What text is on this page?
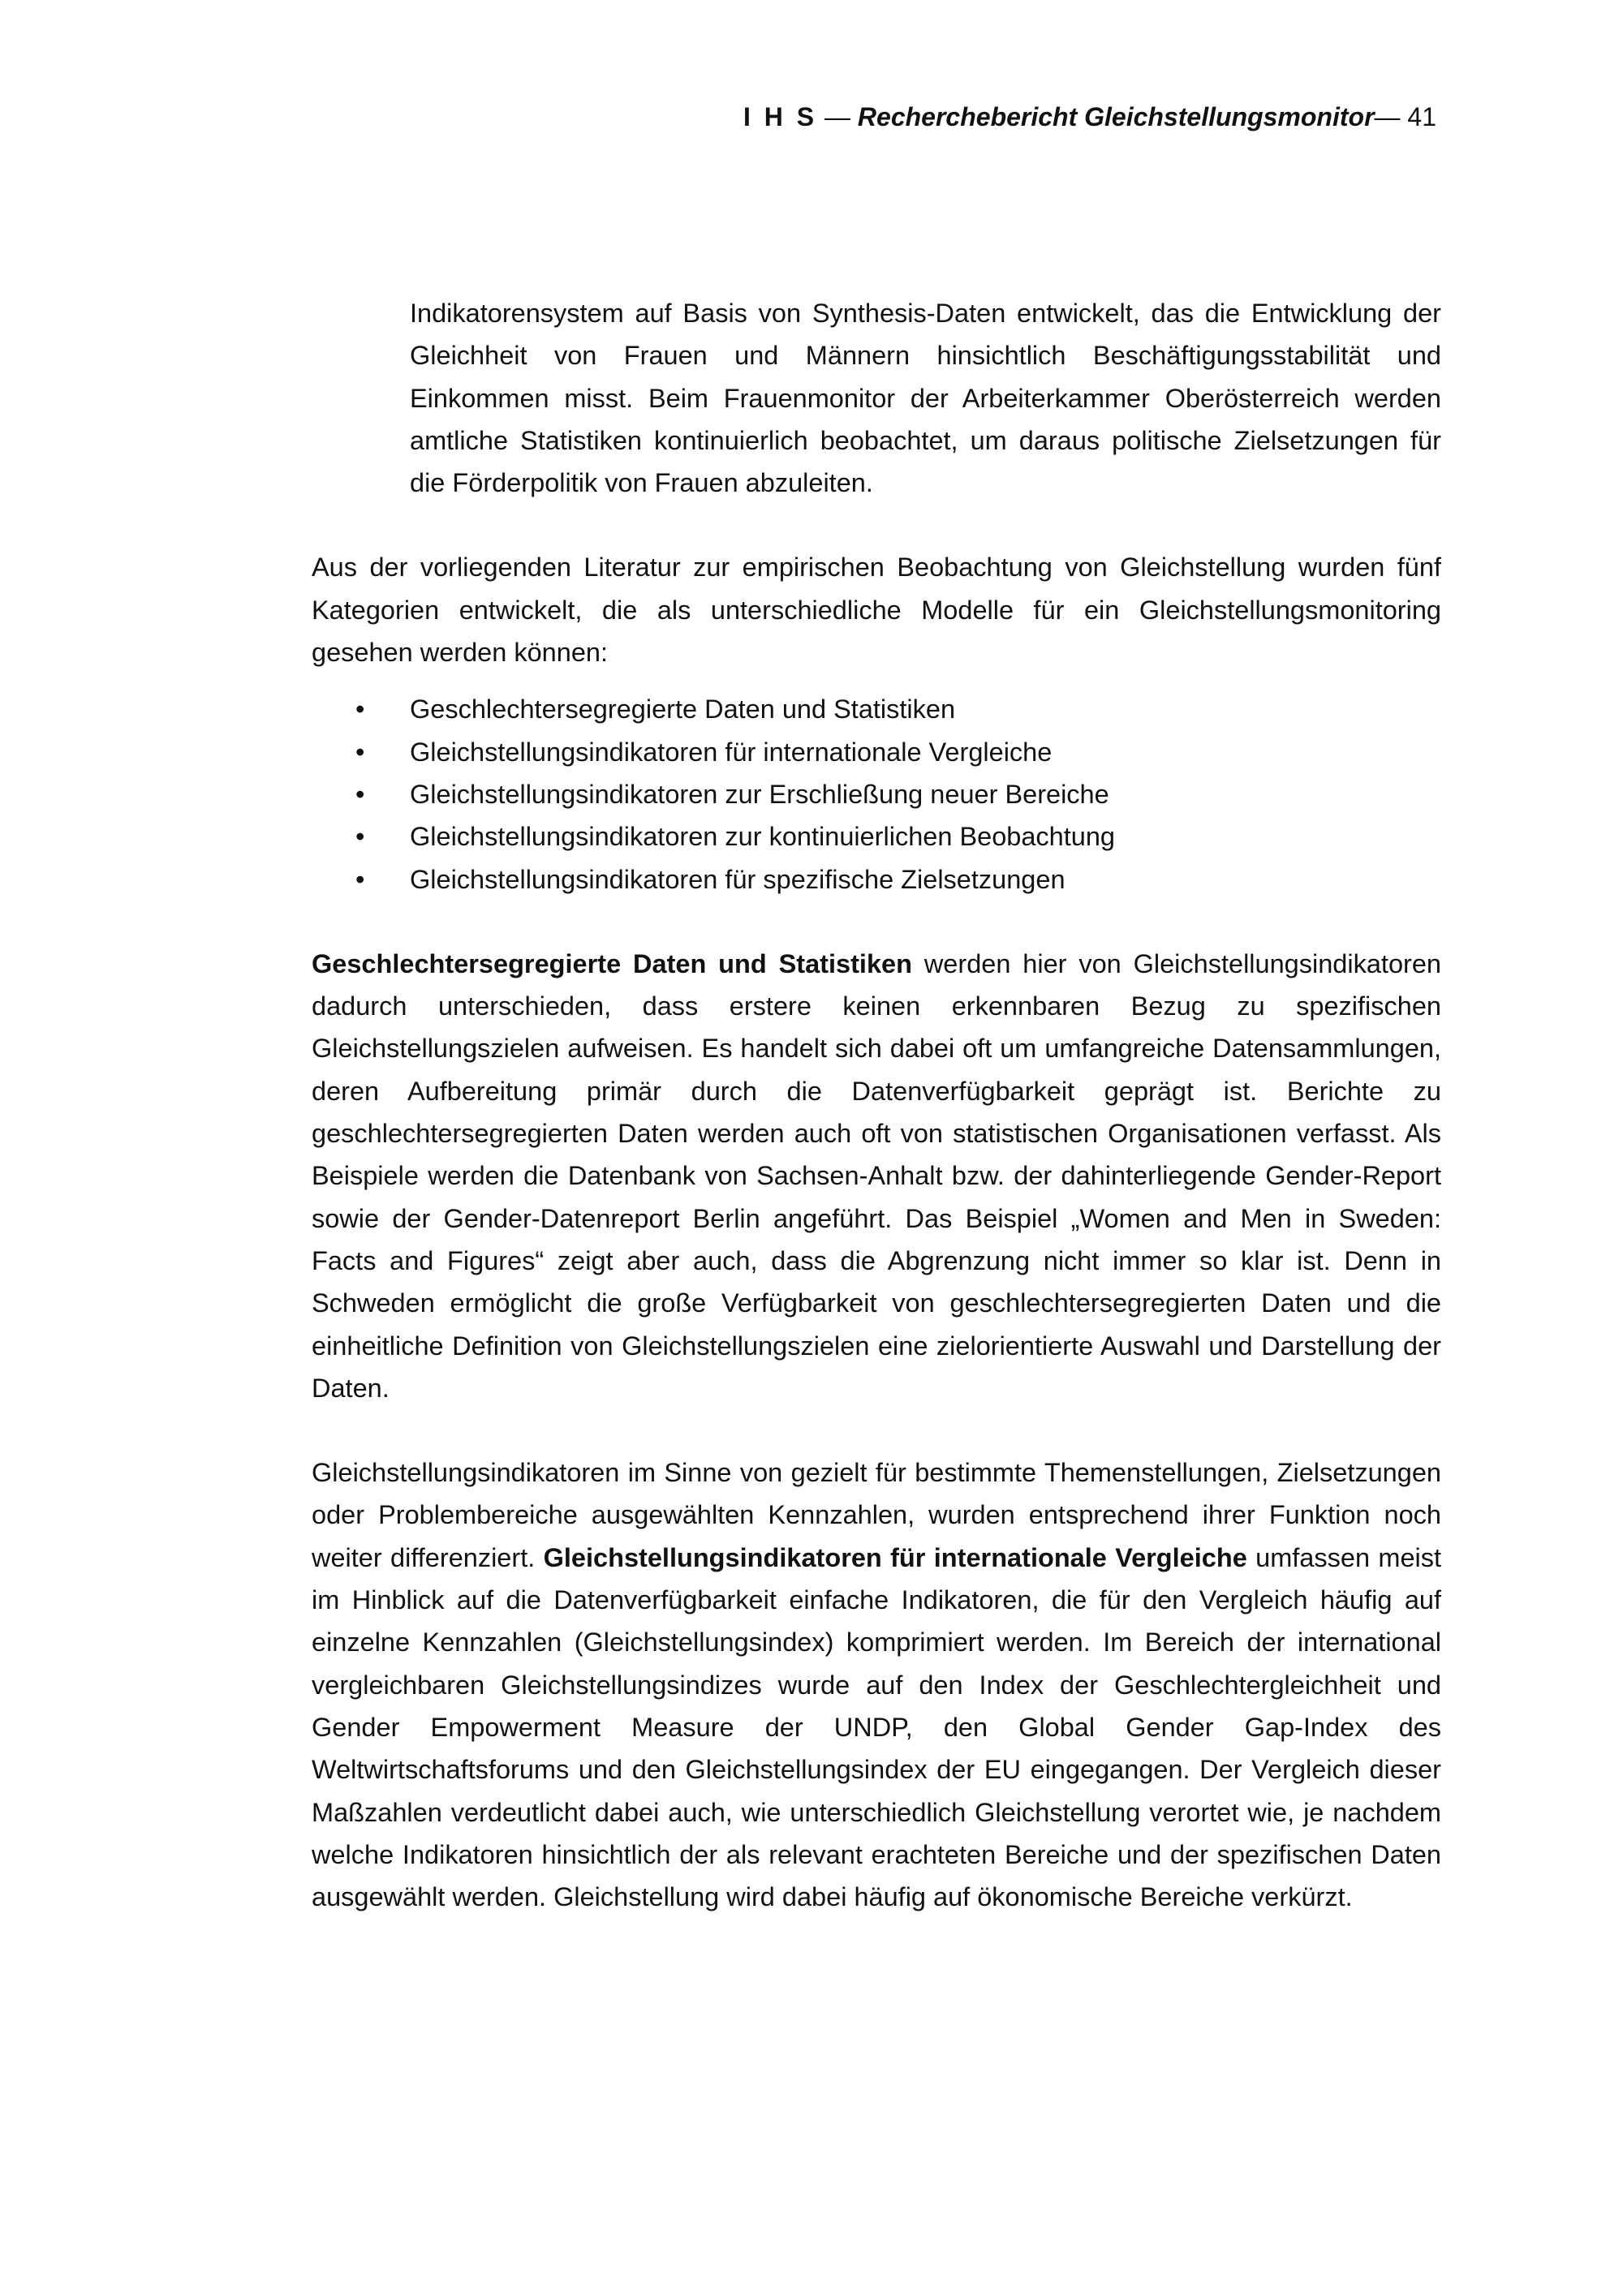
I H S — Recherchebericht Gleichstellungsmonitor— 41

Indikatorensystem auf Basis von Synthesis-Daten entwickelt, das die Entwicklung der Gleichheit von Frauen und Männern hinsichtlich Beschäftigungsstabilität und Einkommen misst. Beim Frauenmonitor der Arbeiterkammer Oberösterreich werden amtliche Statistiken kontinuierlich beobachtet, um daraus politische Zielsetzungen für die Förderpolitik von Frauen abzuleiten.

Aus der vorliegenden Literatur zur empirischen Beobachtung von Gleichstellung wurden fünf Kategorien entwickelt, die als unterschiedliche Modelle für ein Gleichstellungsmonitoring gesehen werden können:

• Geschlechtersegregierte Daten und Statistiken
• Gleichstellungsindikatoren für internationale Vergleiche
• Gleichstellungsindikatoren zur Erschließung neuer Bereiche
• Gleichstellungsindikatoren zur kontinuierlichen Beobachtung
• Gleichstellungsindikatoren für spezifische Zielsetzungen

Geschlechtersegregierte Daten und Statistiken werden hier von Gleichstellungsindikatoren dadurch unterschieden, dass erstere keinen erkennbaren Bezug zu spezifischen Gleichstellungszielen aufweisen. Es handelt sich dabei oft um umfangreiche Datensammlungen, deren Aufbereitung primär durch die Datenverfügbarkeit geprägt ist. Berichte zu geschlechtersegregierten Daten werden auch oft von statistischen Organisationen verfasst. Als Beispiele werden die Datenbank von Sachsen-Anhalt bzw. der dahinterliegende Gender-Report sowie der Gender-Datenreport Berlin angeführt. Das Beispiel „Women and Men in Sweden: Facts and Figures“ zeigt aber auch, dass die Abgrenzung nicht immer so klar ist. Denn in Schweden ermöglicht die große Verfügbarkeit von geschlechtersegregierten Daten und die einheitliche Definition von Gleichstellungszielen eine zielorientierte Auswahl und Darstellung der Daten.

Gleichstellungsindikatoren im Sinne von gezielt für bestimmte Themenstellungen, Zielsetzungen oder Problembereiche ausgewählten Kennzahlen, wurden entsprechend ihrer Funktion noch weiter differenziert. Gleichstellungsindikatoren für internationale Vergleiche umfassen meist im Hinblick auf die Datenverfügbarkeit einfache Indikatoren, die für den Vergleich häufig auf einzelne Kennzahlen (Gleichstellungsindex) komprimiert werden. Im Bereich der international vergleichbaren Gleichstellungsindizes wurde auf den Index der Geschlechtergleichheit und Gender Empowerment Measure der UNDP, den Global Gender Gap-Index des Weltwirtschaftsforums und den Gleichstellungsindex der EU eingegangen. Der Vergleich dieser Maßzahlen verdeutlicht dabei auch, wie unterschiedlich Gleichstellung verortet wie, je nachdem welche Indikatoren hinsichtlich der als relevant erachteten Bereiche und der spezifischen Daten ausgewählt werden. Gleichstellung wird dabei häufig auf ökonomische Bereiche verkürzt.
